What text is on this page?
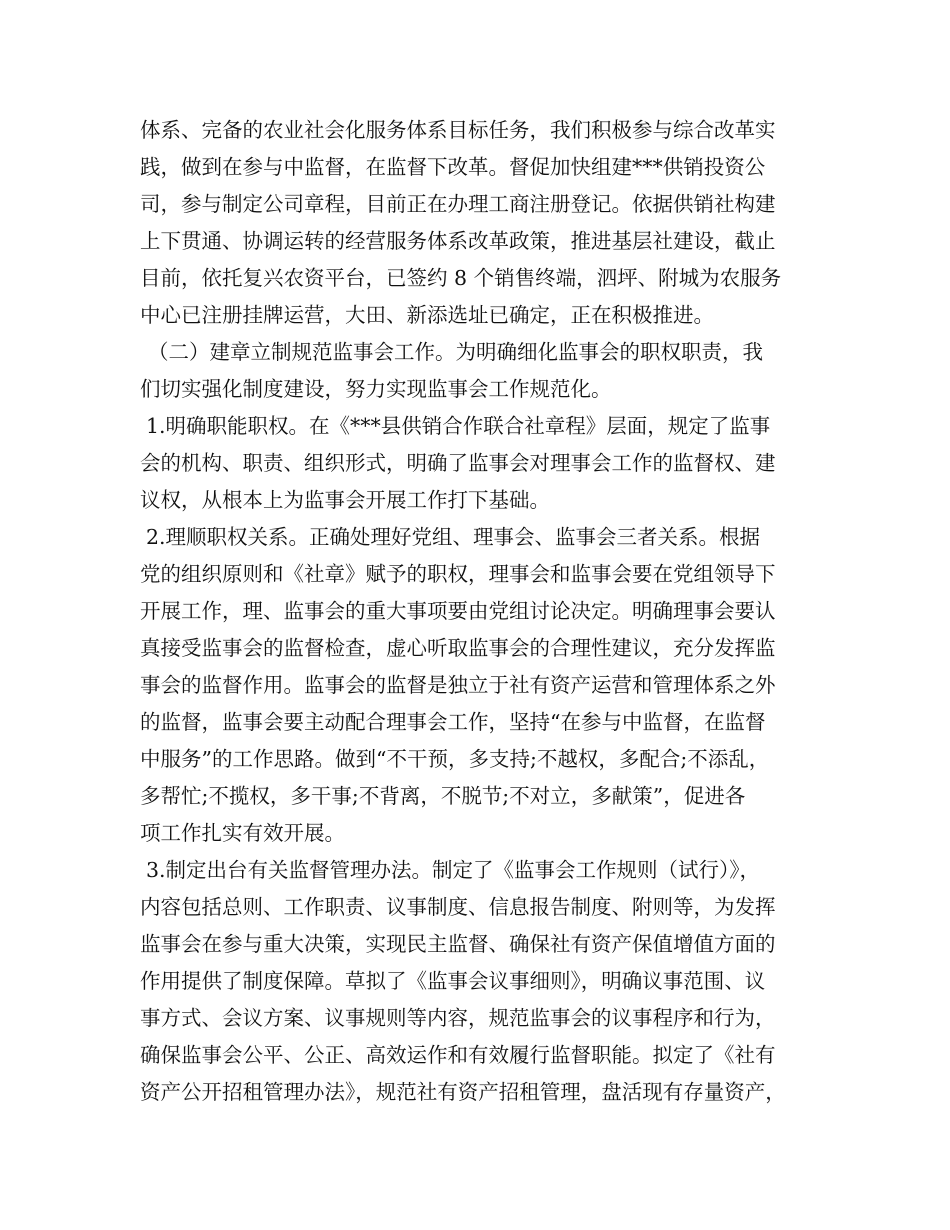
体系、完备的农业社会化服务体系目标任务，我们积极参与综合改革实
践，做到在参与中监督，在监督下改革。督促加快组建***供销投资公
司，参与制定公司章程，目前正在办理工商注册登记。依据供销社构建
上下贯通、协调运转的经营服务体系改革政策，推进基层社建设，截止
目前，依托复兴农资平台，已签约 8 个销售终端，泗坪、附城为农服务
中心已注册挂牌运营，大田、新添选址已确定，正在积极推进。
（二）建章立制规范监事会工作。为明确细化监事会的职权职责，我
们切实强化制度建设，努力实现监事会工作规范化。
1.明确职能职权。在《***县供销合作联合社章程》层面，规定了监事
会的机构、职责、组织形式，明确了监事会对理事会工作的监督权、建
议权，从根本上为监事会开展工作打下基础。
2.理顺职权关系。正确处理好党组、理事会、监事会三者关系。根据
党的组织原则和《社章》赋予的职权，理事会和监事会要在党组领导下
开展工作，理、监事会的重大事项要由党组讨论决定。明确理事会要认
真接受监事会的监督检查，虚心听取监事会的合理性建议，充分发挥监
事会的监督作用。监事会的监督是独立于社有资产运营和管理体系之外
的监督，监事会要主动配合理事会工作，坚持“在参与中监督，在监督
中服务”的工作思路。做到“不干预，多支持;不越权，多配合;不添乱，
多帮忙;不揽权，多干事;不背离，不脱节;不对立，多献策”，促进各
项工作扎实有效开展。
3.制定出台有关监督管理办法。制定了《监事会工作规则（试行）》，
内容包括总则、工作职责、议事制度、信息报告制度、附则等，为发挥
监事会在参与重大决策，实现民主监督、确保社有资产保值增值方面的
作用提供了制度保障。草拟了《监事会议事细则》，明确议事范围、议
事方式、会议方案、议事规则等内容，规范监事会的议事程序和行为，
确保监事会公平、公正、高效运作和有效履行监督职能。拟定了《社有
资产公开招租管理办法》，规范社有资产招租管理，盘活现有存量资产，
